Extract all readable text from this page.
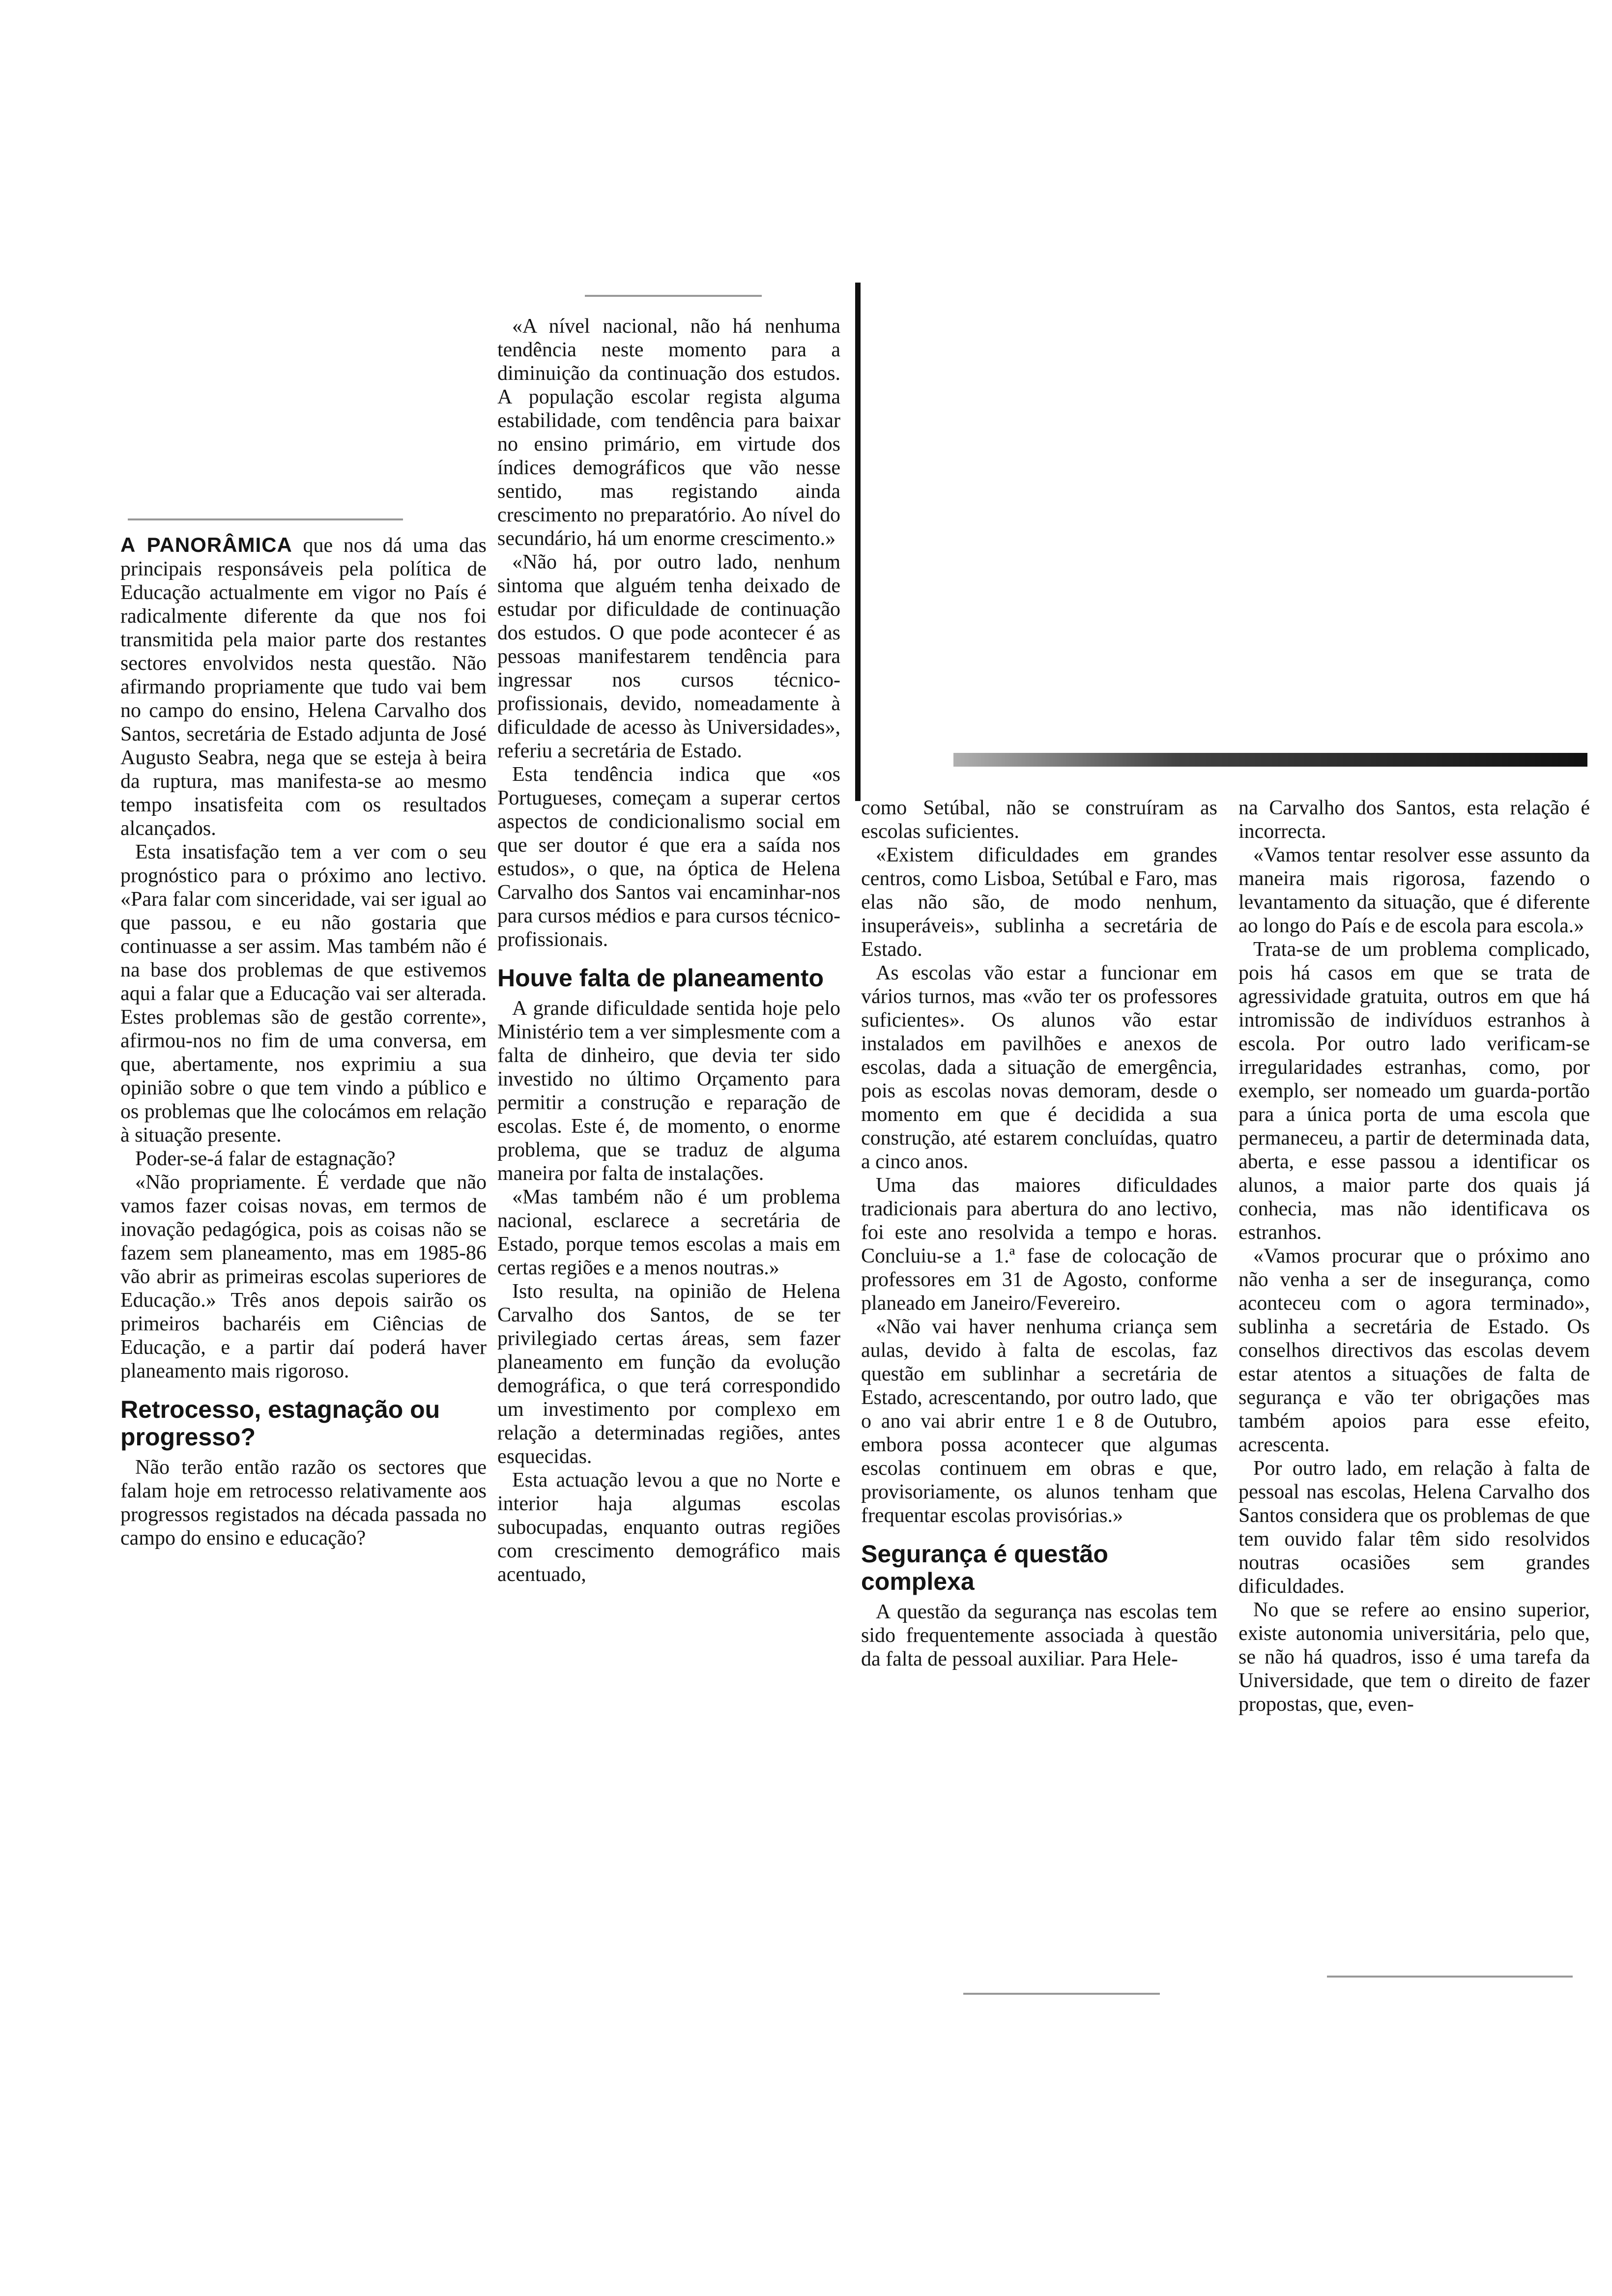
A PANORÂMICA que nos dá uma das principais responsáveis pela política de Educação actualmente em vigor no País é radicalmente diferente da que nos foi transmitida pela maior parte dos restantes sectores envolvidos nesta questão. Não afirmando propriamente que tudo vai bem no campo do ensino, Helena Carvalho dos Santos, secretária de Estado adjunta de José Augusto Seabra, nega que se esteja à beira da ruptura, mas manifesta-se ao mesmo tempo insatisfeita com os resultados alcançados.

Esta insatisfação tem a ver com o seu prognóstico para o próximo ano lectivo. «Para falar com sinceridade, vai ser igual ao que passou, e eu não gostaria que continuasse a ser assim. Mas também não é na base dos problemas de que estivemos aqui a falar que a Educação vai ser alterada. Estes problemas são de gestão corrente», afirmou-nos no fim de uma conversa, em que, abertamente, nos exprimiu a sua opinião sobre o que tem vindo a público e os problemas que lhe colocámos em relação à situação presente.

Poder-se-á falar de estagnação?

«Não propriamente. É verdade que não vamos fazer coisas novas, em termos de inovação pedagógica, pois as coisas não se fazem sem planeamento, mas em 1985-86 vão abrir as primeiras escolas superiores de Educação.» Três anos depois sairão os primeiros bacharéis em Ciências de Educação, e a partir daí poderá haver planeamento mais rigoroso.

Retrocesso, estagnação ou progresso?

Não terão então razão os sectores que falam hoje em retrocesso relativamente aos progressos registados na década passada no campo do ensino e educação?

«A nível nacional, não há nenhuma tendência neste momento para a diminuição da continuação dos estudos. A população escolar regista alguma estabilidade, com tendência para baixar no ensino primário, em virtude dos índices demográficos que vão nesse sentido, mas registando ainda crescimento no preparatório. Ao nível do secundário, há um enorme crescimento.»

«Não há, por outro lado, nenhum sintoma que alguém tenha deixado de estudar por dificuldade de continuação dos estudos. O que pode acontecer é as pessoas manifestarem tendência para ingressar nos cursos técnico-profissionais, devido, nomeadamente à dificuldade de acesso às Universidades», referiu a secretária de Estado.

Esta tendência indica que «os Portugueses, começam a superar certos aspectos de condicionalismo social em que ser doutor é que era a saída nos estudos», o que, na óptica de Helena Carvalho dos Santos vai encaminhar-nos para cursos médios e para cursos técnico-profissionais.

Houve falta de planeamento

A grande dificuldade sentida hoje pelo Ministério tem a ver simplesmente com a falta de dinheiro, que devia ter sido investido no último Orçamento para permitir a construção e reparação de escolas. Este é, de momento, o enorme problema, que se traduz de alguma maneira por falta de instalações.

«Mas também não é um problema nacional, esclarece a secretária de Estado, porque temos escolas a mais em certas regiões e a menos noutras.»

Isto resulta, na opinião de Helena Carvalho dos Santos, de se ter privilegiado certas áreas, sem fazer planeamento em função da evolução demográfica, o que terá correspondido um investimento por complexo em relação a determinadas regiões, antes esquecidas.

Esta actuação levou a que no Norte e interior haja algumas escolas subocupadas, enquanto outras regiões com crescimento demográfico mais acentuado,

como Setúbal, não se construíram as escolas suficientes.

«Existem dificuldades em grandes centros, como Lisboa, Setúbal e Faro, mas elas não são, de modo nenhum, insuperáveis», sublinha a secretária de Estado.

As escolas vão estar a funcionar em vários turnos, mas «vão ter os professores suficientes». Os alunos vão estar instalados em pavilhões e anexos de escolas, dada a situação de emergência, pois as escolas novas demoram, desde o momento em que é decidida a sua construção, até estarem concluídas, quatro a cinco anos.

Uma das maiores dificuldades tradicionais para abertura do ano lectivo, foi este ano resolvida a tempo e horas. Concluiu-se a 1.ª fase de colocação de professores em 31 de Agosto, conforme planeado em Janeiro/Fevereiro.

«Não vai haver nenhuma criança sem aulas, devido à falta de escolas, faz questão em sublinhar a secretária de Estado, acrescentando, por outro lado, que o ano vai abrir entre 1 e 8 de Outubro, embora possa acontecer que algumas escolas continuem em obras e que, provisoriamente, os alunos tenham que frequentar escolas provisórias.»

Segurança é questão complexa

A questão da segurança nas escolas tem sido frequentemente associada à questão da falta de pessoal auxiliar. Para Hele-

na Carvalho dos Santos, esta relação é incorrecta.

«Vamos tentar resolver esse assunto da maneira mais rigorosa, fazendo o levantamento da situação, que é diferente ao longo do País e de escola para escola.»

Trata-se de um problema complicado, pois há casos em que se trata de agressividade gratuita, outros em que há intromissão de indivíduos estranhos à escola. Por outro lado verificam-se irregularidades estranhas, como, por exemplo, ser nomeado um guarda-portão para a única porta de uma escola que permaneceu, a partir de determinada data, aberta, e esse passou a identificar os alunos, a maior parte dos quais já conhecia, mas não identificava os estranhos.

«Vamos procurar que o próximo ano não venha a ser de insegurança, como aconteceu com o agora terminado», sublinha a secretária de Estado. Os conselhos directivos das escolas devem estar atentos a situações de falta de segurança e vão ter obrigações mas também apoios para esse efeito, acrescenta.

Por outro lado, em relação à falta de pessoal nas escolas, Helena Carvalho dos Santos considera que os problemas de que tem ouvido falar têm sido resolvidos noutras ocasiões sem grandes dificuldades.

No que se refere ao ensino superior, existe autonomia universitária, pelo que, se não há quadros, isso é uma tarefa da Universidade, que tem o direito de fazer propostas, que, even-
